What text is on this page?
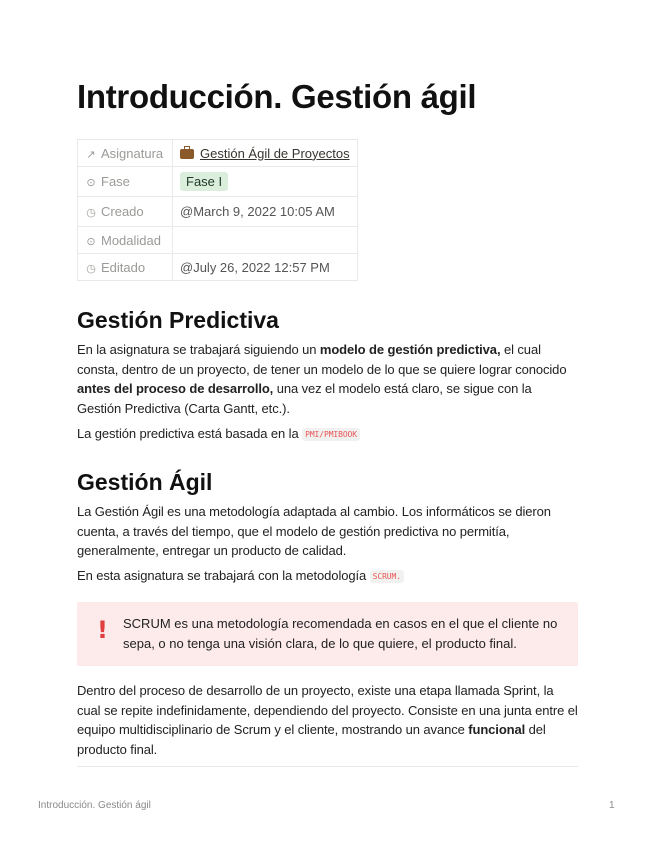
Introducción. Gestión ágil
↗ Asignatura	Gestión Ágil de Proyectos
⊙ Fase	Fase I
◷ Creado	@March 9, 2022 10:05 AM
⊙ Modalidad	
◷ Editado	@July 26, 2022 12:57 PM
Gestión Predictiva

En la asignatura se trabajará siguiendo un modelo de gestión predictiva, el cual consta, dentro de un proyecto, de tener un modelo de lo que se quiere lograr conocido antes del proceso de desarrollo, una vez el modelo está claro, se sigue con la Gestión Predictiva (Carta Gantt, etc.).

La gestión predictiva está basada en la PMI/PMIBOOK

Gestión Ágil

La Gestión Ágil es una metodología adaptada al cambio. Los informáticos se dieron cuenta, a través del tiempo, que el modelo de gestión predictiva no permitía, generalmente, entregar un producto de calidad.

En esta asignatura se trabajará con la metodología SCRUM.

! SCRUM es una metodología recomendada en casos en el que el cliente no sepa, o no tenga una visión clara, de lo que quiere, el producto final.

Dentro del proceso de desarrollo de un proyecto, existe una etapa llamada Sprint, la cual se repite indefinidamente, dependiendo del proyecto. Consiste en una junta entre el equipo multidisciplinario de Scrum y el cliente, mostrando un avance funcional del producto final.

Introducción. Gestión ágil	1
